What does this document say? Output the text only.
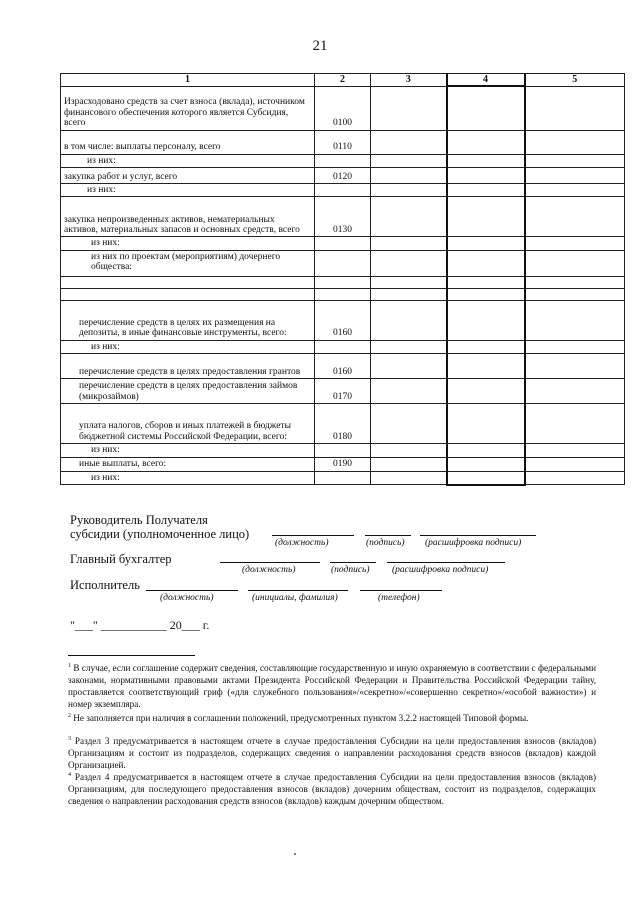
21
1	2	3	4	5
Израсходовано средств за счет взноса (вклада), источником финансового обеспечения которого является Субсидия, всего	0100			
в том числе: выплаты персоналу, всего	0110			
из них:				
закупка работ и услуг, всего	0120			
из них:				
закупка непроизведенных активов, нематериальных активов, материальных запасов и основных средств, всего	0130			
из них:				
из них по проектам (мероприятиям) дочернего общества:				

перечисление средств в целях их размещения на депозиты, в иные финансовые инструменты, всего:	0160			
из них:				
перечисление средств в целях предоставления грантов	0160			
перечисление средств в целях предоставления займов (микрозаймов)	0170			
уплата налогов, сборов и иных платежей в бюджеты бюджетной системы Российской Федерации, всего:	0180			
из них:				
иные выплаты, всего:	0190			
из них:				
Руководитель Получателя субсидии (уполномоченное лицо)
(должность)	(подпись) (расшифровка подписи)
Главный бухгалтер
(должность)	(подпись) (расшифровка подписи)
Исполнитель
(должность)	(инициалы, фамилия)	(телефон)
"___" ___________ 20___ г.
$^1$ В случае, если соглашение содержит сведения, составляющие государственную и иную охраняемую в соответствии с федеральными законами, нормативными правовыми актами Президента Российской Федерации и Правительства Российской Федерации тайну, проставляется соответствующий гриф («для служебного пользования»/«секретно»/«совершенно секретно»/«особой важности») и номер экземпляра.
$^2$ Не заполняется при наличия в соглашении положений, предусмотренных пунктом 3.2.2 настоящей Типовой формы.
$^3$ Раздел 3 предусматривается в настоящем отчете в случае предоставления Субсидии на цели предоставления взносов (вкладов) Организациям и состоит из подразделов, содержащих сведения о направлении расходования средств взносов (вкладов) каждой Организацией.
$^4$ Раздел 4 предусматривается в настоящем отчете в случае предоставления Субсидии на цели предоставления взносов (вкладов) Организациям, для последующего предоставления взносов (вкладов) дочерним обществам, состоит из подразделов, содержащих сведения о направлении расходования средств взносов (вкладов) каждым дочерним обществом.
